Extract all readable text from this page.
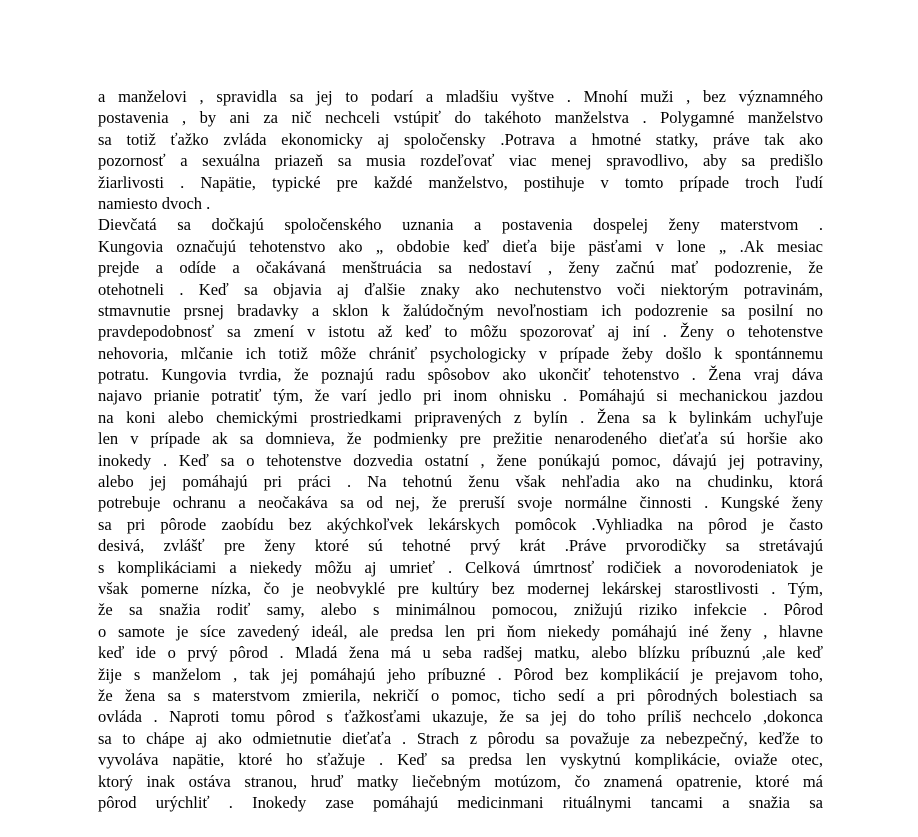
a manželovi , spravidla sa jej to podarí a mladšiu vyštve . Mnohí muži , bez významného
postavenia , by ani za nič nechceli vstúpiť do takéhoto manželstva . Polygamné manželstvo
sa totiž ťažko zvláda ekonomicky aj spoločensky .Potrava a hmotné statky, práve tak ako
pozornosť a sexuálna priazeň sa musia rozdeľovať viac menej spravodlivo, aby sa predišlo
žiarlivosti . Napätie, typické pre každé manželstvo, postihuje v tomto prípade troch ľudí
namiesto dvoch .
Dievčatá sa dočkajú spoločenského uznania a postavenia dospelej ženy materstvom .
Kungovia označujú tehotenstvo ako „ obdobie keď dieťa bije päsťami v lone „ .Ak mesiac
prejde a odíde a očakávaná menštruácia sa nedostaví , ženy začnú mať podozrenie, že
otehotneli . Keď sa objavia aj ďalšie znaky ako nechutenstvo voči niektorým potravinám,
stmavnutie prsnej bradavky a sklon k žalúdočným nevoľnostiam ich podozrenie sa posilní no
pravdepodobnosť sa zmení v istotu až keď to môžu spozorovať aj iní . Ženy o tehotenstve
nehovoria, mlčanie ich totiž môže chrániť psychologicky v prípade žeby došlo k spontánnemu
potratu. Kungovia tvrdia, že poznajú radu spôsobov ako ukončiť tehotenstvo . Žena vraj dáva
najavo prianie potratiť tým, že varí jedlo pri inom ohnisku . Pomáhajú si mechanickou jazdou
na koni alebo chemickými prostriedkami pripravených z bylín . Žena sa k bylinkám uchyľuje
len v prípade ak sa domnieva, že podmienky pre prežitie nenarodeného dieťaťa sú horšie ako
inokedy . Keď sa o tehotenstve dozvedia ostatní , žene ponúkajú pomoc, dávajú jej potraviny,
alebo jej pomáhajú pri práci . Na tehotnú ženu však nehľadia ako na chudinku, ktorá
potrebuje ochranu a neočakáva sa od nej, že preruší svoje normálne činnosti . Kungské ženy
sa pri pôrode zaobídu bez akýchkoľvek lekárskych pomôcok .Vyhliadka na pôrod je často
desivá, zvlášť pre ženy ktoré sú tehotné prvý krát .Práve prvorodičky sa stretávajú
s komplikáciami a niekedy môžu aj umrieť . Celková úmrtnosť rodičiek a novorodeniatok je
však pomerne nízka, čo je neobvyklé pre kultúry bez modernej lekárskej starostlivosti . Tým,
že sa snažia rodiť samy, alebo s minimálnou pomocou, znižujú riziko infekcie . Pôrod
o samote je síce zavedený ideál, ale predsa len pri ňom niekedy pomáhajú iné ženy , hlavne
keď ide o prvý pôrod . Mladá žena má u seba radšej matku, alebo blízku príbuznú ,ale keď
žije s manželom , tak jej pomáhajú jeho príbuzné . Pôrod bez komplikácií je prejavom toho,
že žena sa s materstvom zmierila, nekričí o pomoc, ticho sedí a pri pôrodných bolestiach sa
ovláda . Naproti tomu pôrod s ťažkosťami ukazuje, že sa jej do toho príliš nechcelo ,dokonca
sa to chápe aj ako odmietnutie dieťaťa . Strach z pôrodu sa považuje za nebezpečný, keďže to
vyvoláva napätie, ktoré ho sťažuje . Keď sa predsa len vyskytnú komplikácie, oviaže otec,
ktorý inak ostáva stranou, hruď matky liečebným motúzom, čo znamená opatrenie, ktoré má
pôrod urýchliť . Inokedy zase pomáhajú medicinmani rituálnymi tancami a snažia sa
